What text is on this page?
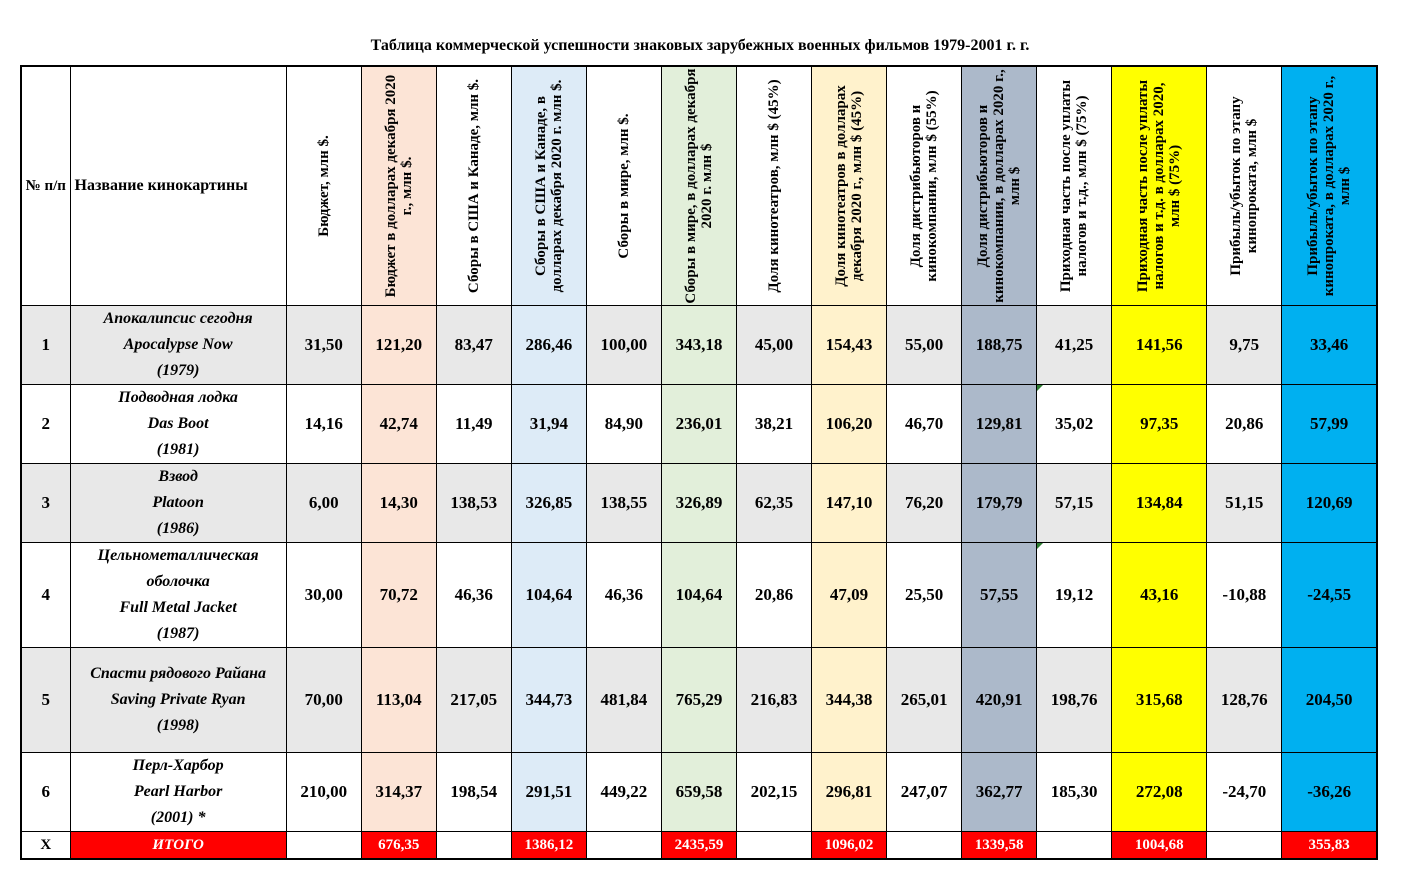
Таблица коммерческой успешности знаковых зарубежных военных фильмов 1979-2001 г. г.
№ п/п	Название кинокартины	Бюджет, млн $.	Бюджет в долларах декабря 2020 г., млн $.	Сборы в США и Канаде, млн $.	Сборы в США и Канаде, в долларах декабря 2020 г. млн $.	Сборы в мире, млн $.	Сборы в мире, в долларах декабря 2020 г. млн $	Доля кинотеатров, млн $ (45%)	Доля кинотеатров в долларах декабря 2020 г., млн $ (45%)	Доля дистрибьюторов и кинокомпании, млн $ (55%)	Доля дистрибьюторов и кинокомпании, в долларах 2020 г., млн $	Приходная часть после уплаты налогов и т.д., млн $ (75%)	Приходная часть после уплаты налогов и т.д. в долларах 2020, млн $ (75%)	Прибыль/убыток по этапу кинопроката, млн $	Прибыль/убыток по этапу кинопроката, в долларах 2020 г., млн $

1	Апокалипсис сегодня
Apocalypse Now
(1979)	31,50	121,20	83,47	286,46	100,00	343,18	45,00	154,43	55,00	188,75	41,25	141,56	9,75	33,46
2	Подводная лодка
Das Boot
(1981)	14,16	42,74	11,49	31,94	84,90	236,01	38,21	106,20	46,70	129,81	35,02	97,35	20,86	57,99
3	Взвод
Platoon
(1986)	6,00	14,30	138,53	326,85	138,55	326,89	62,35	147,10	76,20	179,79	57,15	134,84	51,15	120,69
4	Цельнометаллическая оболочка
Full Metal Jacket
(1987)	30,00	70,72	46,36	104,64	46,36	104,64	20,86	47,09	25,50	57,55	19,12	43,16	-10,88	-24,55
5	Спасти рядового Райана
Saving Private Ryan
(1998)	70,00	113,04	217,05	344,73	481,84	765,29	216,83	344,38	265,01	420,91	198,76	315,68	128,76	204,50
6	Перл-Харбор
Pearl Harbor
(2001) *	210,00	314,37	198,54	291,51	449,22	659,58	202,15	296,81	247,07	362,77	185,30	272,08	-24,70	-36,26
X	ИТОГО		676,35		1386,12		2435,59		1096,02		1339,58		1004,68		355,83
